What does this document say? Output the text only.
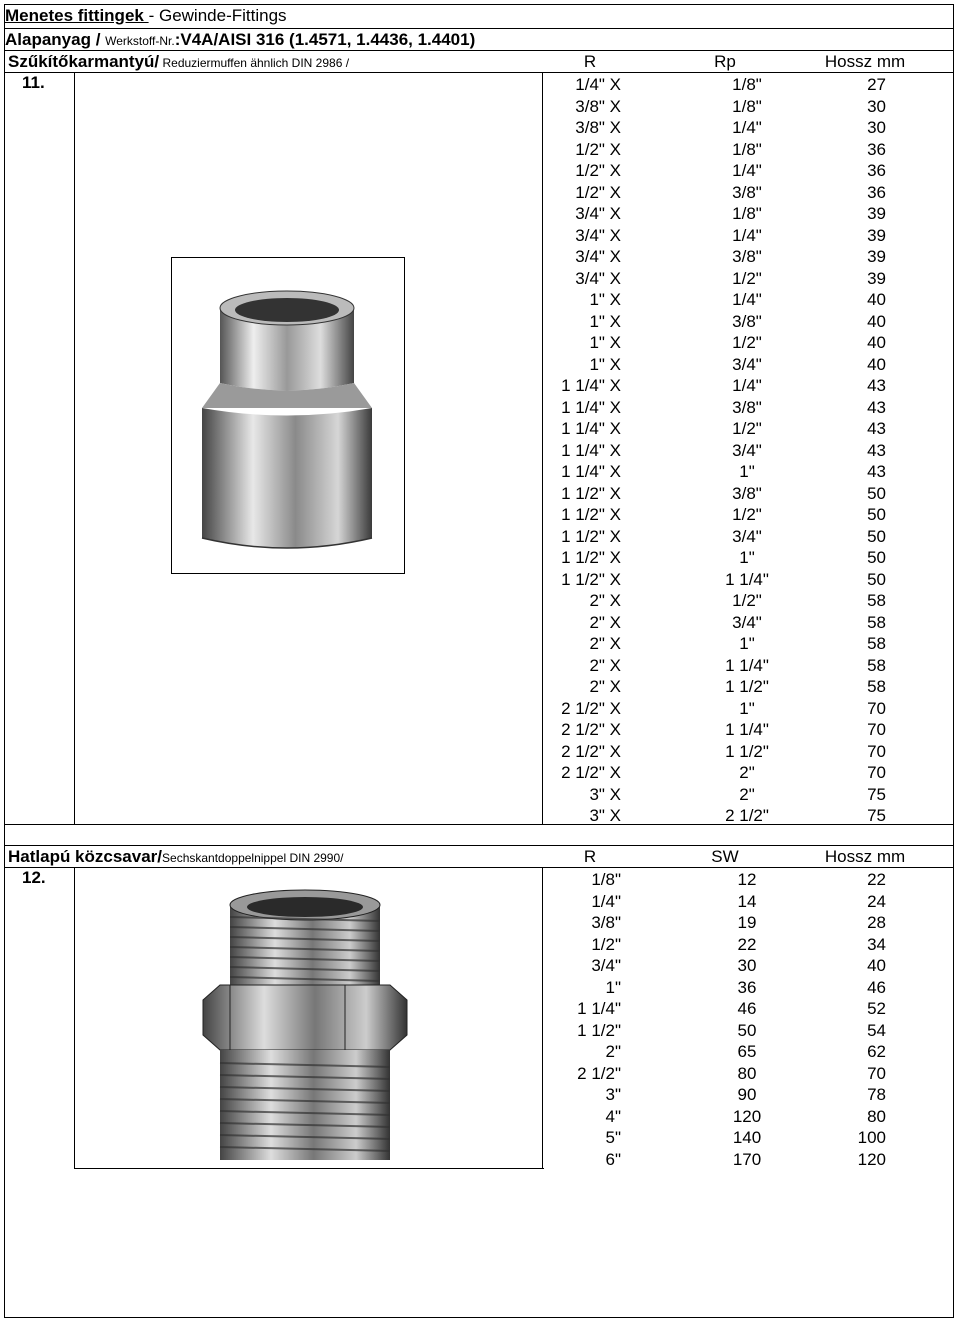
Menetes fittingek - Gewinde-Fittings
Alapanyag / Werkstoff-Nr.:V4A/AISI 316 (1.4571, 1.4436, 1.4401)
Szűkítőkarmantyú/ Reduziermuffen ähnlich DIN 2986 /	R	Rp	Hossz mm
11.	1/4" X	1/8"	27
3/8" X	1/8"	30
3/8" X	1/4"	30
1/2" X	1/8"	36
1/2" X	1/4"	36
1/2" X	3/8"	36
3/4" X	1/8"	39
3/4" X	1/4"	39
3/4" X	3/8"	39
3/4" X	1/2"	39
1" X	1/4"	40
1" X	3/8"	40
1" X	1/2"	40
1" X	3/4"	40
1 1/4" X	1/4"	43
1 1/4" X	3/8"	43
1 1/4" X	1/2"	43
1 1/4" X	3/4"	43
1 1/4" X	1"	43
1 1/2" X	3/8"	50
1 1/2" X	1/2"	50
1 1/2" X	3/4"	50
1 1/2" X	1"	50
1 1/2" X	1 1/4"	50
2" X	1/2"	58
2" X	3/4"	58
2" X	1"	58
2" X	1 1/4"	58
2" X	1 1/2"	58
2 1/2" X	1"	70
2 1/2" X	1 1/4"	70
2 1/2" X	1 1/2"	70
2 1/2" X	2"	70
3" X	2"	75
3" X	2 1/2"	75
Hatlapú közcsavar/Sechskantdoppelnippel DIN 2990/	R	SW	Hossz mm
12.	1/8"	12	22
1/4"	14	24
3/8"	19	28
1/2"	22	34
3/4"	30	40
1"	36	46
1 1/4"	46	52
1 1/2"	50	54
2"	65	62
2 1/2"	80	70
3"	90	78
4"	120	80
5"	140	100
6"	170	120
